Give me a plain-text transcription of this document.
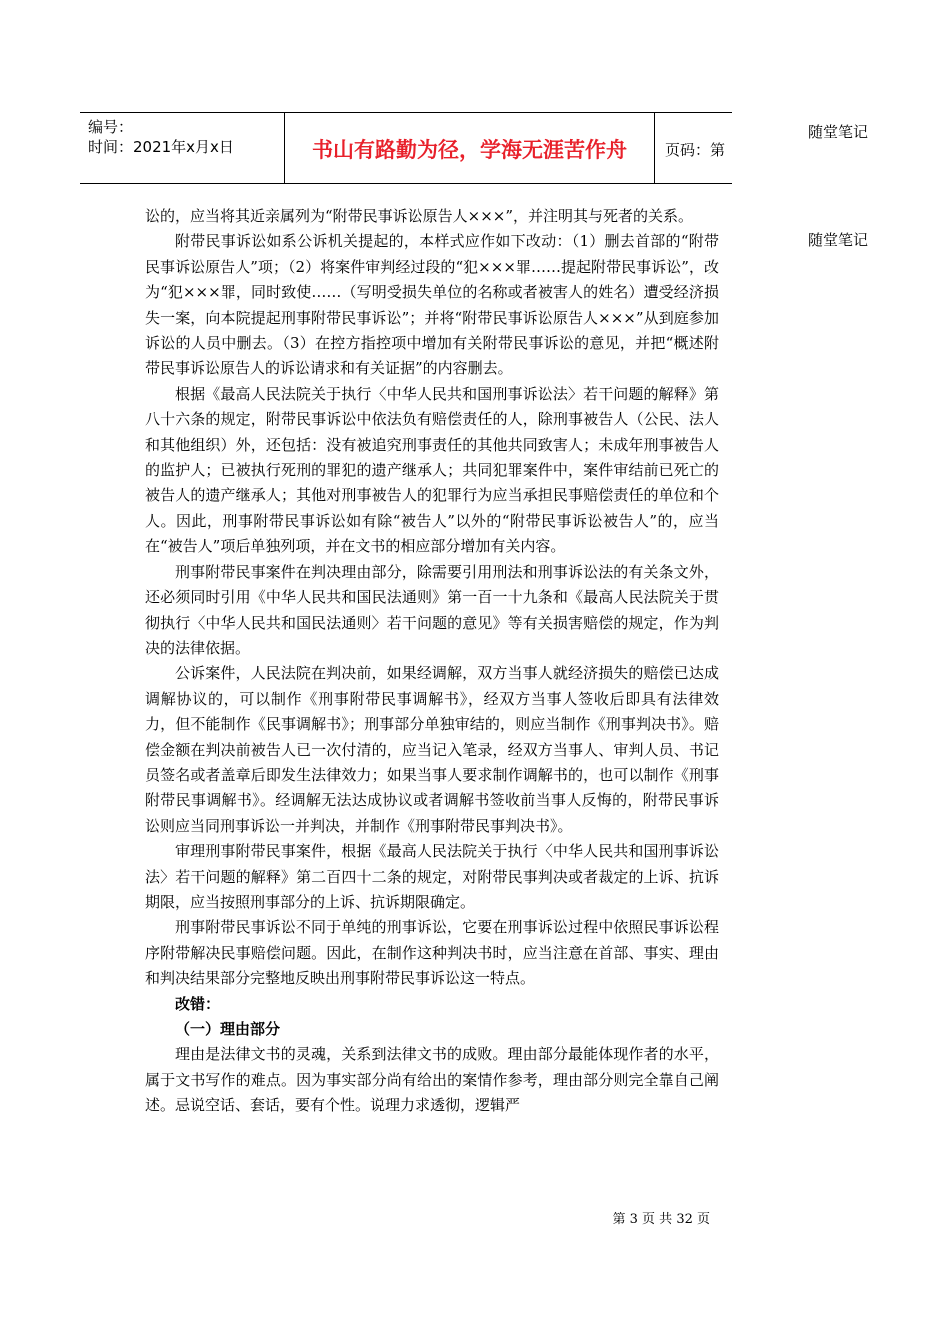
编号：
时间：2021年x月x日	书山有路勤为径，学海无涯苦作舟	页码：第
随堂笔记
随堂笔记

讼的，应当将其近亲属列为“附带民事诉讼原告人×××”，并注明其与死者的关系。

附带民事诉讼如系公诉机关提起的，本样式应作如下改动：（1）删去首部的“附带民事诉讼原告人”项；（2）将案件审判经过段的“犯×××罪……提起附带民事诉讼”，改为“犯×××罪，同时致使……（写明受损失单位的名称或者被害人的姓名）遭受经济损失一案，向本院提起刑事附带民事诉讼”；并将“附带民事诉讼原告人×××”从到庭参加诉讼的人员中删去。（3）在控方指控项中增加有关附带民事诉讼的意见，并把“概述附带民事诉讼原告人的诉讼请求和有关证据”的内容删去。

根据《最高人民法院关于执行〈中华人民共和国刑事诉讼法〉若干问题的解释》第八十六条的规定，附带民事诉讼中依法负有赔偿责任的人，除刑事被告人（公民、法人和其他组织）外，还包括：没有被追究刑事责任的其他共同致害人；未成年刑事被告人的监护人；已被执行死刑的罪犯的遗产继承人；共同犯罪案件中，案件审结前已死亡的被告人的遗产继承人；其他对刑事被告人的犯罪行为应当承担民事赔偿责任的单位和个人。因此，刑事附带民事诉讼如有除“被告人”以外的“附带民事诉讼被告人”的，应当在“被告人”项后单独列项，并在文书的相应部分增加有关内容。

刑事附带民事案件在判决理由部分，除需要引用刑法和刑事诉讼法的有关条文外，还必须同时引用《中华人民共和国民法通则》第一百一十九条和《最高人民法院关于贯彻执行〈中华人民共和国民法通则〉若干问题的意见》等有关损害赔偿的规定，作为判决的法律依据。

公诉案件，人民法院在判决前，如果经调解，双方当事人就经济损失的赔偿已达成调解协议的，可以制作《刑事附带民事调解书》，经双方当事人签收后即具有法律效力，但不能制作《民事调解书》；刑事部分单独审结的，则应当制作《刑事判决书》。赔偿金额在判决前被告人已一次付清的，应当记入笔录，经双方当事人、审判人员、书记员签名或者盖章后即发生法律效力；如果当事人要求制作调解书的，也可以制作《刑事附带民事调解书》。经调解无法达成协议或者调解书签收前当事人反悔的，附带民事诉讼则应当同刑事诉讼一并判决，并制作《刑事附带民事判决书》。

审理刑事附带民事案件，根据《最高人民法院关于执行〈中华人民共和国刑事诉讼法〉若干问题的解释》第二百四十二条的规定，对附带民事判决或者裁定的上诉、抗诉期限，应当按照刑事部分的上诉、抗诉期限确定。

刑事附带民事诉讼不同于单纯的刑事诉讼，它要在刑事诉讼过程中依照民事诉讼程序附带解决民事赔偿问题。因此，在制作这种判决书时，应当注意在首部、事实、理由和判决结果部分完整地反映出刑事附带民事诉讼这一特点。

改错：

（一）理由部分

理由是法律文书的灵魂，关系到法律文书的成败。理由部分最能体现作者的水平，属于文书写作的难点。因为事实部分尚有给出的案情作参考，理由部分则完全靠自己阐述。忌说空话、套话，要有个性。说理力求透彻，逻辑严

第 3 页 共 32 页
